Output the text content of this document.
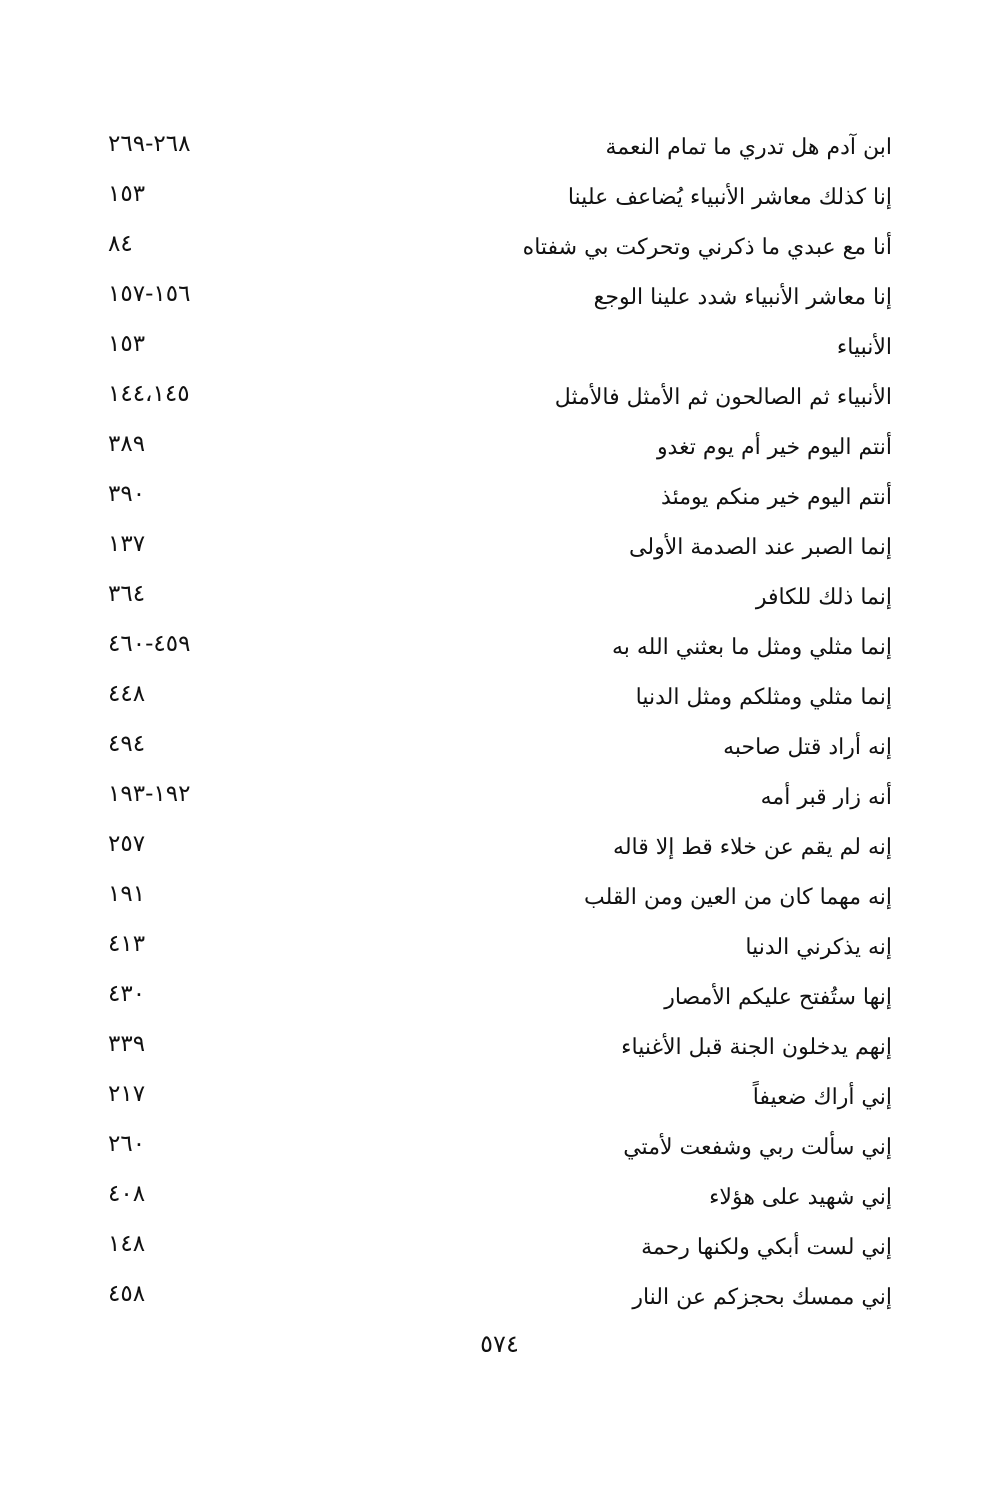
ابن آدم هل تدري ما تمام النعمة
٢٦٨-٢٦٩
إنا كذلك معاشر الأنبياء يُضاعف علينا
١٥٣
أنا مع عبدي ما ذكرني وتحركت بي شفتاه
٨٤
إنا معاشر الأنبياء شدد علينا الوجع
١٥٦-١٥٧
الأنبياء
١٥٣
الأنبياء ثم الصالحون ثم الأمثل فالأمثل
١٤٤،١٤٥
أنتم اليوم خير أم يوم تغدو
٣٨٩
أنتم اليوم خير منكم يومئذ
٣٩٠
إنما الصبر عند الصدمة الأولى
١٣٧
إنما ذلك للكافر
٣٦٤
إنما مثلي ومثل ما بعثني الله به
٤٥٩-٤٦٠
إنما مثلي ومثلكم ومثل الدنيا
٤٤٨
إنه أراد قتل صاحبه
٤٩٤
أنه زار قبر أمه
١٩٢-١٩٣
إنه لم يقم عن خلاء قط إلا قاله
٢٥٧
إنه مهما كان من العين ومن القلب
١٩١
إنه يذكرني الدنيا
٤١٣
إنها ستُفتح عليكم الأمصار
٤٣٠
إنهم يدخلون الجنة قبل الأغنياء
٣٣٩
إني أراك ضعيفاً
٢١٧
إني سألت ربي وشفعت لأمتي
٢٦٠
إني شهيد على هؤلاء
٤٠٨
إني لست أبكي ولكنها رحمة
١٤٨
إني ممسك بحجزكم عن النار
٤٥٨
٥٧٤
